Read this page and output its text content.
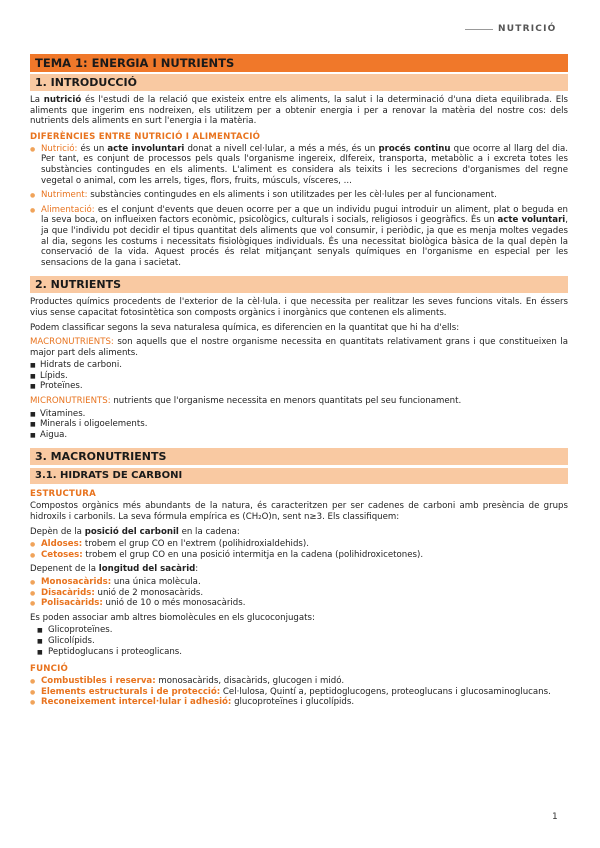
NUTRICIÓ
TEMA 1: ENERGIA I NUTRIENTS
1. INTRODUCCIÓ

La nutrició és l'estudi de la relació que existeix entre els aliments, la salut i la determinació d'una dieta equilibrada. Els aliments que ingerim ens nodreixen, els utilitzem per a obtenir energia i per a renovar la matèria del nostre cos: dels nutrients dels aliments en surt l'energia i la matèria.

DIFERÈNCIES ENTRE NUTRICIÓ I ALIMENTACIÓ
● Nutrició: és un acte involuntari donat a nivell cel·lular, a més a més, és un procés continu que ocorre al llarg del dia. Per tant, es conjunt de processos pels quals l'organisme ingereix, dIfereix, transporta, metabòlic a i excreta totes les substàncies contingudes en els aliments. L'aliment es considera als teixits i les secrecions d'organismes del regne vegetal o animal, com les arrels, tiges, flors, fruits, músculs, vísceres, ...
● Nutriment: substàncies contingudes en els aliments i son utilitzades per les cèl·lules per al funcionament.
● Alimentació: es el conjunt d'events que deuen ocorre per a que un individu pugui introduir un aliment, plat o beguda en la seva boca, on influeixen factors econòmic, psicològics, culturals i socials, religiosos i geogràfics. És un acte voluntari, ja que l'individu pot decidir el tipus quantitat dels aliments que vol consumir, i periòdic, ja que es menja moltes vegades al dia, segons les costums i necessitats fisiològiques individuals. És una necessitat biològica bàsica de la qual depèn la conservació de la vida. Aquest procés és relat mitjançant senyals químiques en l'organisme en especial per les sensacions de la gana i sacietat.
2. NUTRIENTS

Productes químics procedents de l'exterior de la cèl·lula. i que necessita per realitzar les seves funcions vitals. En éssers vius sense capacitat fotosintètica son composts orgànics i inorgànics que contenen els aliments.

Podem classificar segons la seva naturalesa química, es diferencien en la quantitat que hi ha d'ells:

MACRONUTRIENTS: son aquells que el nostre organisme necessita en quantitats relativament grans i que constitueixen la major part dels aliments.

■ Hidrats de carboni.
■ Lípids.
■ Proteïnes.

MICRONUTRIENTS: nutrients que l'organisme necessita en menors quantitats pel seu funcionament.

■ Vitamines.
■ Minerals i oligoelements.
■ Aigua.
3. MACRONUTRIENTS
3.1. HIDRATS DE CARBONI
ESTRUCTURA

Compostos orgànics més abundants de la natura, és caracteritzen per ser cadenes de carboni amb presència de grups hidroxils i carbonils. La seva fórmula empírica es (CH₂O)n, sent n≥3. Els classifiquem:

Depèn de la posició del carbonil en la cadena:

● Aldoses: trobem el grup CO en l'extrem (polihidroxialdehids).
● Cetoses: trobem el grup CO en una posició intermitja en la cadena (polihidroxicetones).

Depenent de la longitud del sacàrid:

● Monosacàrids: una única molècula.
● Disacàrids: unió de 2 monosacàrids.
● Polisacàrids: unió de 10 o més monosacàrids.

Es poden associar amb altres biomolècules en els glucoconjugats:

■ Glicoproteïnes.
■ Glicolípids.
■ Peptidoglucans i proteoglicans.
FUNCIÓ
● Combustibles i reserva: monosacàrids, disacàrids, glucogen i midó.
● Elements estructurals i de protecció: Cel·lulosa, Quintí a, peptidoglucogens, proteoglucans i glucosaminoglucans.
● Reconeixement intercel·lular i adhesió: glucoproteïnes i glucolípids.
1
